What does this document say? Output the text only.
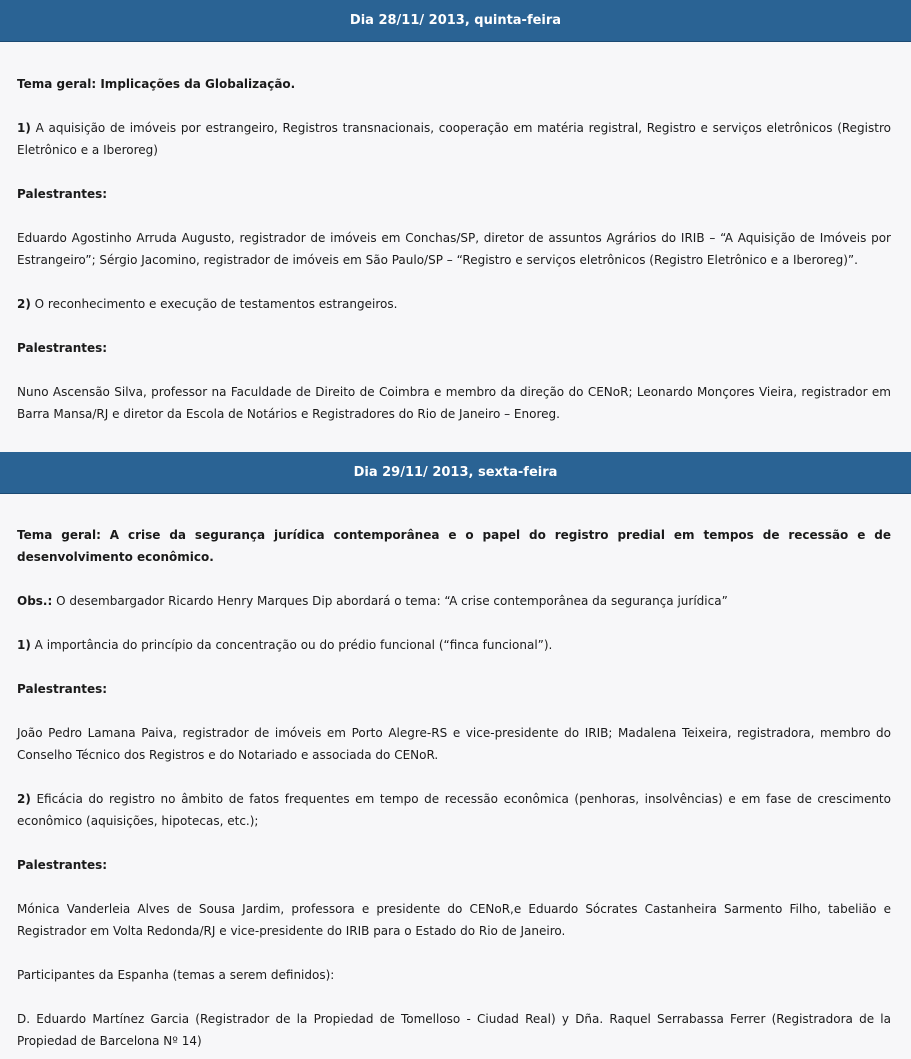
Dia 28/11/ 2013, quinta-feira

Tema geral: Implicações da Globalização.

1) A aquisição de imóveis por estrangeiro, Registros transnacionais, cooperação em matéria registral, Registro e serviços eletrônicos (Registro Eletrônico e a Iberoreg)

Palestrantes:

Eduardo Agostinho Arruda Augusto, registrador de imóveis em Conchas/SP, diretor de assuntos Agrários do IRIB – “A Aquisição de Imóveis por Estrangeiro”; Sérgio Jacomino, registrador de imóveis em São Paulo/SP – “Registro e serviços eletrônicos (Registro Eletrônico e a Iberoreg)”.

2) O reconhecimento e execução de testamentos estrangeiros.

Palestrantes:

Nuno Ascensão Silva, professor na Faculdade de Direito de Coimbra e membro da direção do CENoR; Leonardo Monçores Vieira, registrador em Barra Mansa/RJ e diretor da Escola de Notários e Registradores do Rio de Janeiro – Enoreg.

Dia 29/11/ 2013, sexta-feira

Tema geral: A crise da segurança jurídica contemporânea e o papel do registro predial em tempos de recessão e de desenvolvimento econômico.

Obs.: O desembargador Ricardo Henry Marques Dip abordará o tema: “A crise contemporânea da segurança jurídica”

1) A importância do princípio da concentração ou do prédio funcional (“finca funcional”).

Palestrantes:

João Pedro Lamana Paiva, registrador de imóveis em Porto Alegre-RS e vice-presidente do IRIB; Madalena Teixeira, registradora, membro do Conselho Técnico dos Registros e do Notariado e associada do CENoR.

2) Eficácia do registro no âmbito de fatos frequentes em tempo de recessão econômica (penhoras, insolvências) e em fase de crescimento econômico (aquisições, hipotecas, etc.);

Palestrantes:

Mónica Vanderleia Alves de Sousa Jardim, professora e presidente do CENoR,e Eduardo Sócrates Castanheira Sarmento Filho, tabelião e Registrador em Volta Redonda/RJ e vice-presidente do IRIB para o Estado do Rio de Janeiro.

Participantes da Espanha (temas a serem definidos):

D. Eduardo Martínez Garcia (Registrador de la Propiedad de Tomelloso - Ciudad Real) y Dña. Raquel Serrabassa Ferrer (Registradora de la Propiedad de Barcelona Nº 14)
